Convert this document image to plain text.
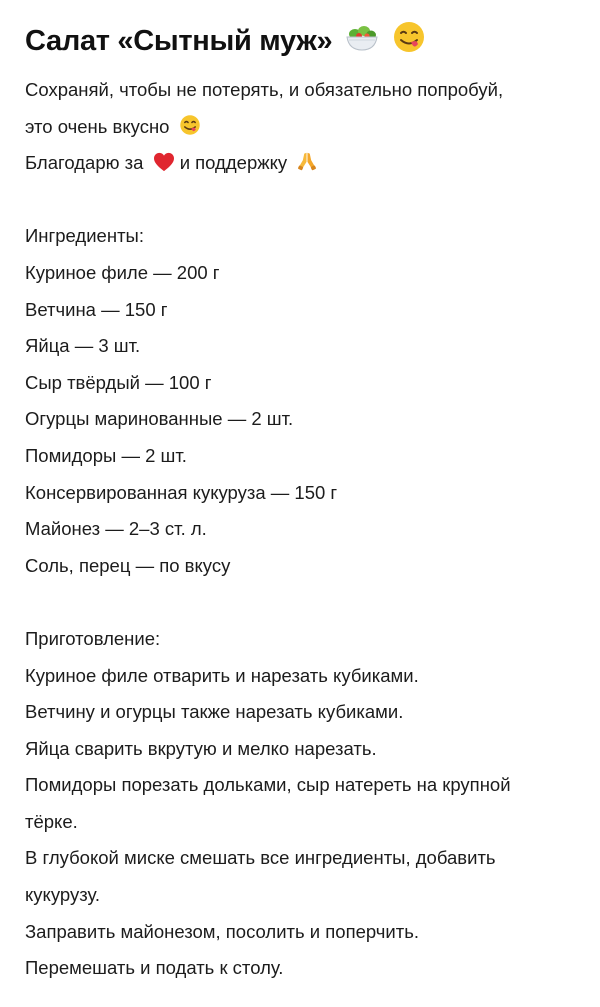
Салат «Сытный муж»
Сохраняй, чтобы не потерять, и обязательно попробуй,
это очень вкусно
Благодарю за и поддержку
Ингредиенты:
Куриное филе — 200 г
Ветчина — 150 г
Яйца — 3 шт.
Сыр твёрдый — 100 г
Огурцы маринованные — 2 шт.
Помидоры — 2 шт.
Консервированная кукуруза — 150 г
Майонез — 2–3 ст. л.
Соль, перец — по вкусу
Приготовление:
Куриное филе отварить и нарезать кубиками.
Ветчину и огурцы также нарезать кубиками.
Яйца сварить вкрутую и мелко нарезать.
Помидоры порезать дольками, сыр натереть на крупной
тёрке.
В глубокой миске смешать все ингредиенты, добавить
кукурузу.
Заправить майонезом, посолить и поперчить.
Перемешать и подать к столу.
